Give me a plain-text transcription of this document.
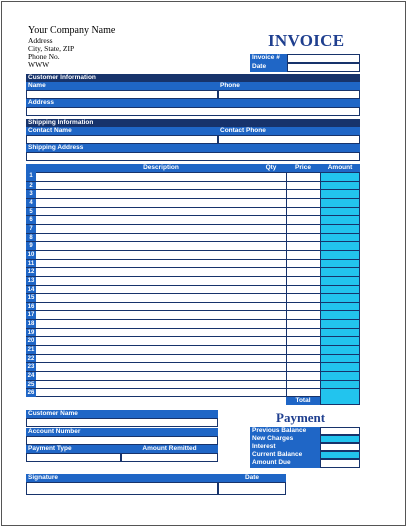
Your Company Name
Address
City, State, ZIP
Phone No.
WWW
INVOICE
Invoice #
Date
Customer Information
Name	Phone
Address
Shipping Information
Contact Name	Contact Phone
Shipping Address
Description	Qty	Price	Amount
1
2
3
4
5
6
7
8
9
10
11
12
13
14
15
16
17
18
19
20
21
22
23
24
25
26
Total
Customer Name
Account Number
Payment Type	Amount Remitted
Signature	Date
Payment
Previous Balance
New Charges
Interest
Current Balance
Amount Due
